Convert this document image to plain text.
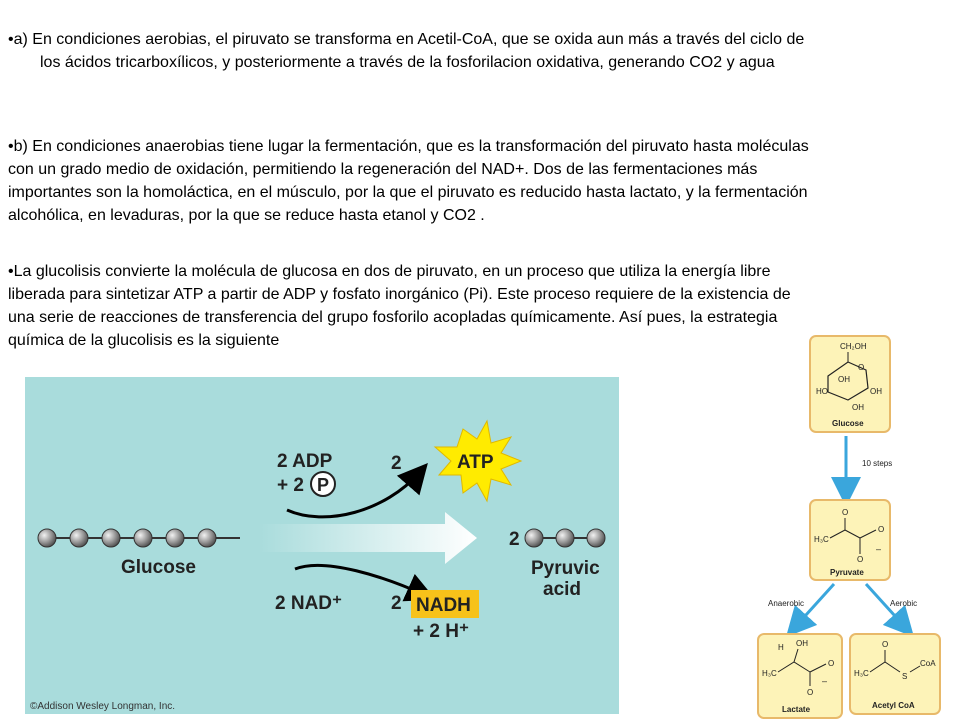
•a) En condiciones aerobias, el piruvato se transforma en Acetil-CoA, que se oxida aun más a través del ciclo de
los ácidos tricarboxílicos, y posteriormente a través de la fosforilacion oxidativa, generando CO2 y agua

•b) En condiciones anaerobias tiene lugar la fermentación, que es la transformación del piruvato hasta moléculas
con un grado medio de oxidación, permitiendo la regeneración del NAD+. Dos de las fermentaciones más
importantes son la homoláctica, en el músculo, por la que el piruvato es reducido hasta lactato, y la fermentación
alcohólica, en levaduras, por la que se reduce hasta etanol y CO2 .

•La glucolisis convierte la molécula de glucosa en dos de piruvato, en un proceso que utiliza la energía libre
liberada para sintetizar ATP a partir de ADP y fosfato inorgánico (Pi). Este proceso requiere de la existencia de
una serie de reacciones de transferencia del grupo fosforilo acopladas químicamente. Así pues, la estrategia
química de la glucolisis es la siguiente

Glucose
2
Pyruvic
acid
2 ADP
+ 2 P
2	ATP
2 NAD⁺	2 NADH
+ 2 H⁺
©Addison Wesley Longman, Inc.
CH₂OH
O
OH
HO	OH
OH
Glucose
10 steps
O
H₃C
O
–
O
Pyruvate
Anaerobic	Aerobic
H OH
H₃C
O
–
O
Lactate
O
H₃C	S
CoA
Acetyl CoA
